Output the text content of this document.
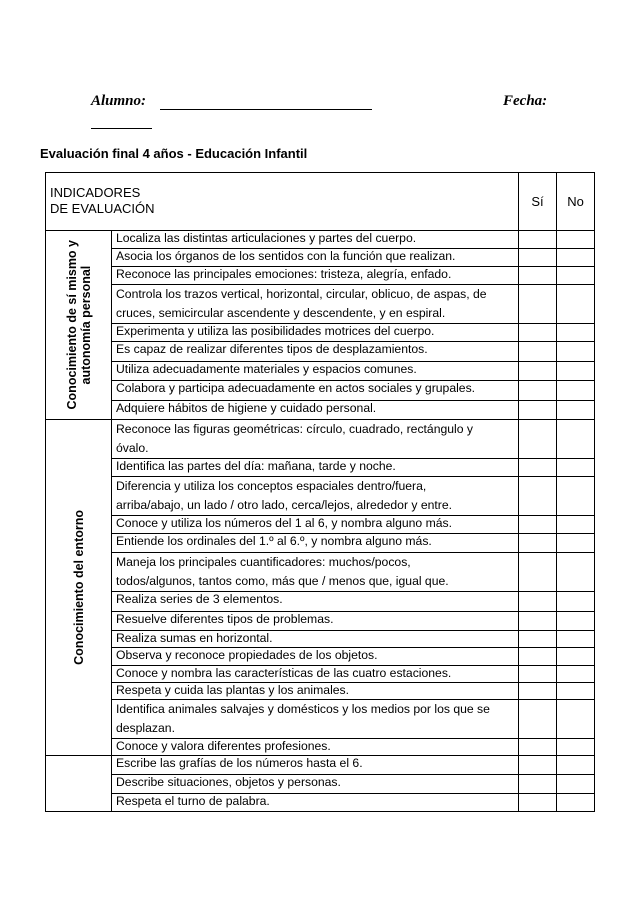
Alumno:	Fecha:
Evaluación final 4 años - Educación Infantil
INDICADORES
DE EVALUACIÓN		Sí	No

Conocimiento de sí mismo y autonomía personal	Localiza las distintas articulaciones y partes del cuerpo.		

	Asocia los órganos de los sentidos con la función que realizan.		

	Reconoce las principales emociones: tristeza, alegría, enfado.		

	Controla los trazos vertical, horizontal, circular, oblicuo, de aspas, de
cruces, semicircular ascendente y descendente, y en espiral.		

	Experimenta y utiliza las posibilidades motrices del cuerpo.		

	Es capaz de realizar diferentes tipos de desplazamientos.		

	Utiliza adecuadamente materiales y espacios comunes.		

	Colabora y participa adecuadamente en actos sociales y grupales.		

	Adquiere hábitos de higiene y cuidado personal.		

Conocimiento del entorno	Reconoce las figuras geométricas: círculo, cuadrado, rectángulo y
óvalo.		

	Identifica las partes del día: mañana, tarde y noche.		

	Diferencia y utiliza los conceptos espaciales dentro/fuera,
arriba/abajo, un lado / otro lado, cerca/lejos, alrededor y entre.		

	Conoce y utiliza los números del 1 al 6, y nombra alguno más.		

	Entiende los ordinales del 1.º al 6.º, y nombra alguno más.		

	Maneja los principales cuantificadores: muchos/pocos,
todos/algunos, tantos como, más que / menos que, igual que.		

	Realiza series de 3 elementos.		

	Resuelve diferentes tipos de problemas.		

	Realiza sumas en horizontal.		

	Observa y reconoce propiedades de los objetos.		

	Conoce y nombra las características de las cuatro estaciones.		

	Respeta y cuida las plantas y los animales.		

	Identifica animales salvajes y domésticos y los medios por los que se
desplazan.		

	Conoce y valora diferentes profesiones.		

	Escribe las grafías de los números hasta el 6.		

	Describe situaciones, objetos y personas.		

	Respeta el turno de palabra.		
